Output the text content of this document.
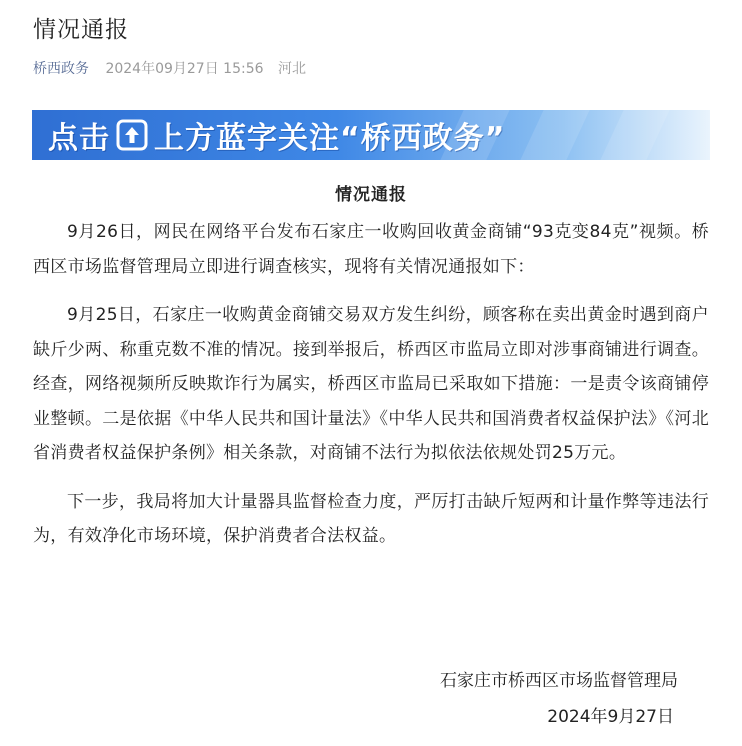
情况通报
桥西政务 2024年09月27日 15:56 河北
点击 上方蓝字关注“桥西政务”
情况通报

9月26日，网民在网络平台发布石家庄一收购回收黄金商铺“93克变84克”视频。桥西区市场监督管理局立即进行调查核实，现将有关情况通报如下：

9月25日，石家庄一收购黄金商铺交易双方发生纠纷，顾客称在卖出黄金时遇到商户缺斤少两、称重克数不准的情况。接到举报后，桥西区市监局立即对涉事商铺进行调查。经查，网络视频所反映欺诈行为属实，桥西区市监局已采取如下措施：一是责令该商铺停业整顿。二是依据《中华人民共和国计量法》《中华人民共和国消费者权益保护法》《河北省消费者权益保护条例》相关条款，对商铺不法行为拟依法依规处罚25万元。

下一步，我局将加大计量器具监督检查力度，严厉打击缺斤短两和计量作弊等违法行为，有效净化市场环境，保护消费者合法权益。

石家庄市桥西区市场监督管理局
2024年9月27日
